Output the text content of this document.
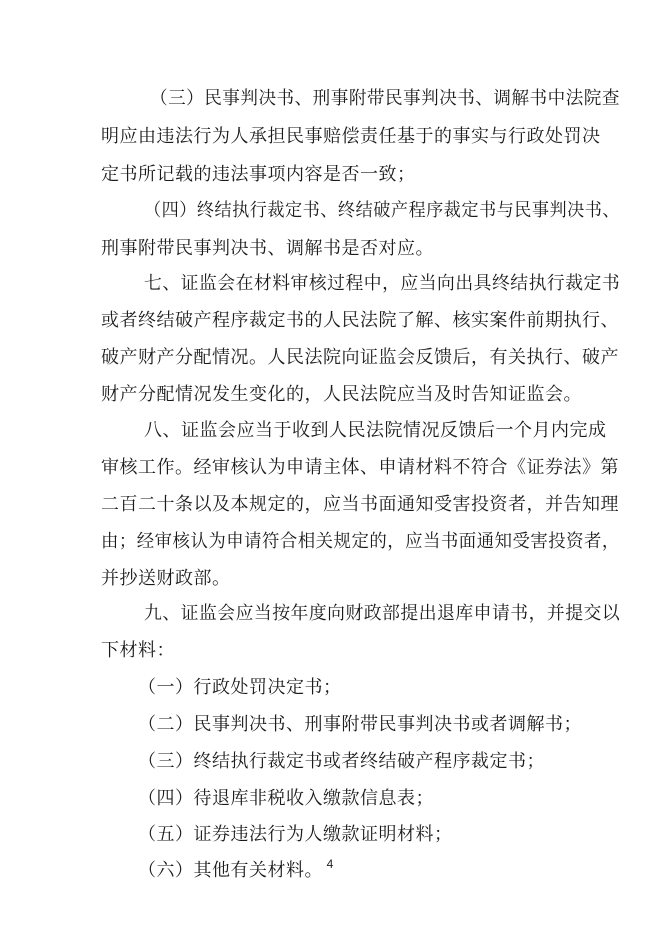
（三）民事判决书、刑事附带民事判决书、调解书中法院查
明应由违法行为人承担民事赔偿责任基于的事实与行政处罚决
定书所记载的违法事项内容是否一致；
（四）终结执行裁定书、终结破产程序裁定书与民事判决书、
刑事附带民事判决书、调解书是否对应。
七、证监会在材料审核过程中，应当向出具终结执行裁定书
或者终结破产程序裁定书的人民法院了解、核实案件前期执行、
破产财产分配情况。人民法院向证监会反馈后，有关执行、破产
财产分配情况发生变化的，人民法院应当及时告知证监会。
八、证监会应当于收到人民法院情况反馈后一个月内完成
审核工作。经审核认为申请主体、申请材料不符合《证券法》第
二百二十条以及本规定的，应当书面通知受害投资者，并告知理
由；经审核认为申请符合相关规定的，应当书面通知受害投资者，
并抄送财政部。
九、证监会应当按年度向财政部提出退库申请书，并提交以
下材料：
（一）行政处罚决定书；
（二）民事判决书、刑事附带民事判决书或者调解书；
（三）终结执行裁定书或者终结破产程序裁定书；
（四）待退库非税收入缴款信息表；
（五）证券违法行为人缴款证明材料；
（六）其他有关材料。 4
